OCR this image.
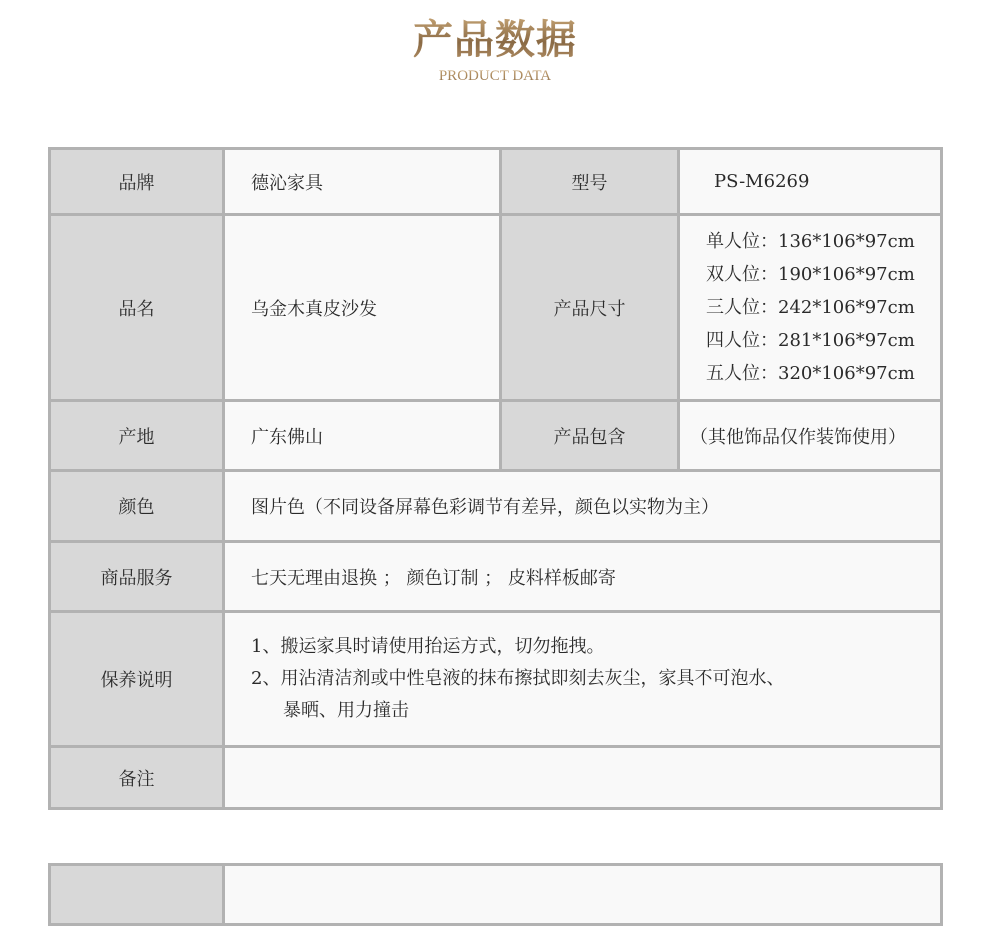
产品数据
PRODUCT DATA
品牌	德沁家具	型号	PS-M6269
品名	乌金木真皮沙发	产品尺寸	单人位：136*106*97cm
双人位：190*106*97cm
三人位：242*106*97cm
四人位：281*106*97cm
五人位：320*106*97cm

产地	广东佛山	产品包含	（其他饰品仅作装饰使用）
颜色	图片色（不同设备屏幕色彩调节有差异，颜色以实物为主）		
商品服务	七天无理由退换 ； 颜色订制 ； 皮料样板邮寄		
保养说明	1、搬运家具时请使用抬运方式，切勿拖拽。
2、用沾清洁剂或中性皂液的抹布擦拭即刻去灰尘，家具不可泡水、
暴晒、用力撞击		

备注			
